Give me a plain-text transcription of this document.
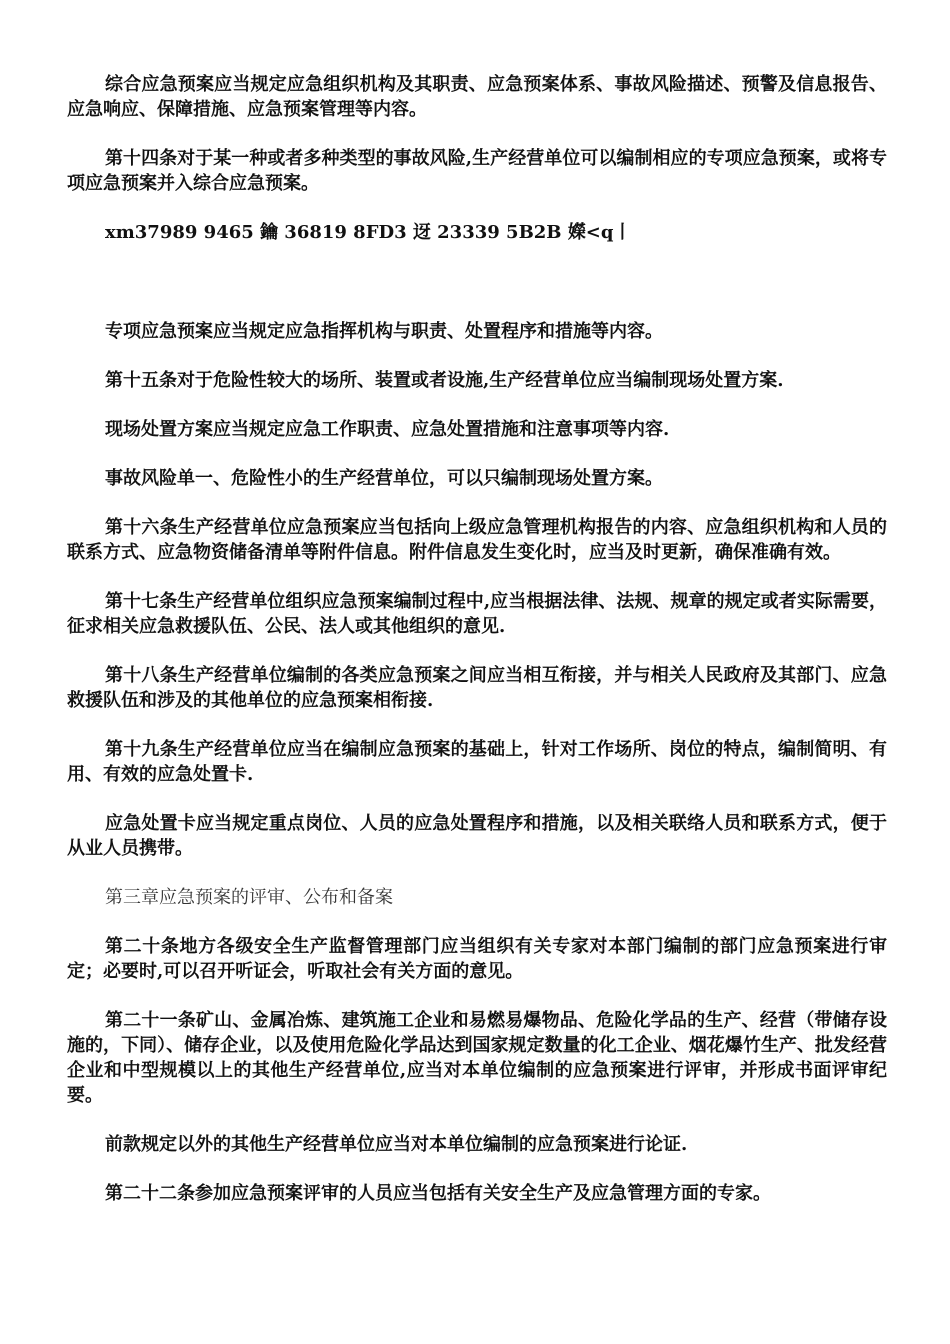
综合应急预案应当规定应急组织机构及其职责、应急预案体系、事故风险描述、预警及信息报告、应急响应、保障措施、应急预案管理等内容。

第十四条对于某一种或者多种类型的事故风险,生产经营单位可以编制相应的专项应急预案，或将专项应急预案并入综合应急预案。

xm37989 9465 鑰 36819 8FD3 迓 23339 5B2B 嬫<q丨

专项应急预案应当规定应急指挥机构与职责、处置程序和措施等内容。

第十五条对于危险性较大的场所、装置或者设施,生产经营单位应当编制现场处置方案.

现场处置方案应当规定应急工作职责、应急处置措施和注意事项等内容.

事故风险单一、危险性小的生产经营单位，可以只编制现场处置方案。

第十六条生产经营单位应急预案应当包括向上级应急管理机构报告的内容、应急组织机构和人员的联系方式、应急物资储备清单等附件信息。附件信息发生变化时，应当及时更新，确保准确有效。

第十七条生产经营单位组织应急预案编制过程中,应当根据法律、法规、规章的规定或者实际需要，征求相关应急救援队伍、公民、法人或其他组织的意见.

第十八条生产经营单位编制的各类应急预案之间应当相互衔接，并与相关人民政府及其部门、应急救援队伍和涉及的其他单位的应急预案相衔接.

第十九条生产经营单位应当在编制应急预案的基础上，针对工作场所、岗位的特点，编制简明、有用、有效的应急处置卡.

应急处置卡应当规定重点岗位、人员的应急处置程序和措施，以及相关联络人员和联系方式，便于从业人员携带。

第三章应急预案的评审、公布和备案

第二十条地方各级安全生产监督管理部门应当组织有关专家对本部门编制的部门应急预案进行审定；必要时,可以召开听证会，听取社会有关方面的意见。

第二十一条矿山、金属冶炼、建筑施工企业和易燃易爆物品、危险化学品的生产、经营（带储存设施的，下同）、储存企业，以及使用危险化学品达到国家规定数量的化工企业、烟花爆竹生产、批发经营企业和中型规模以上的其他生产经营单位,应当对本单位编制的应急预案进行评审，并形成书面评审纪要。

前款规定以外的其他生产经营单位应当对本单位编制的应急预案进行论证.

第二十二条参加应急预案评审的人员应当包括有关安全生产及应急管理方面的专家。
